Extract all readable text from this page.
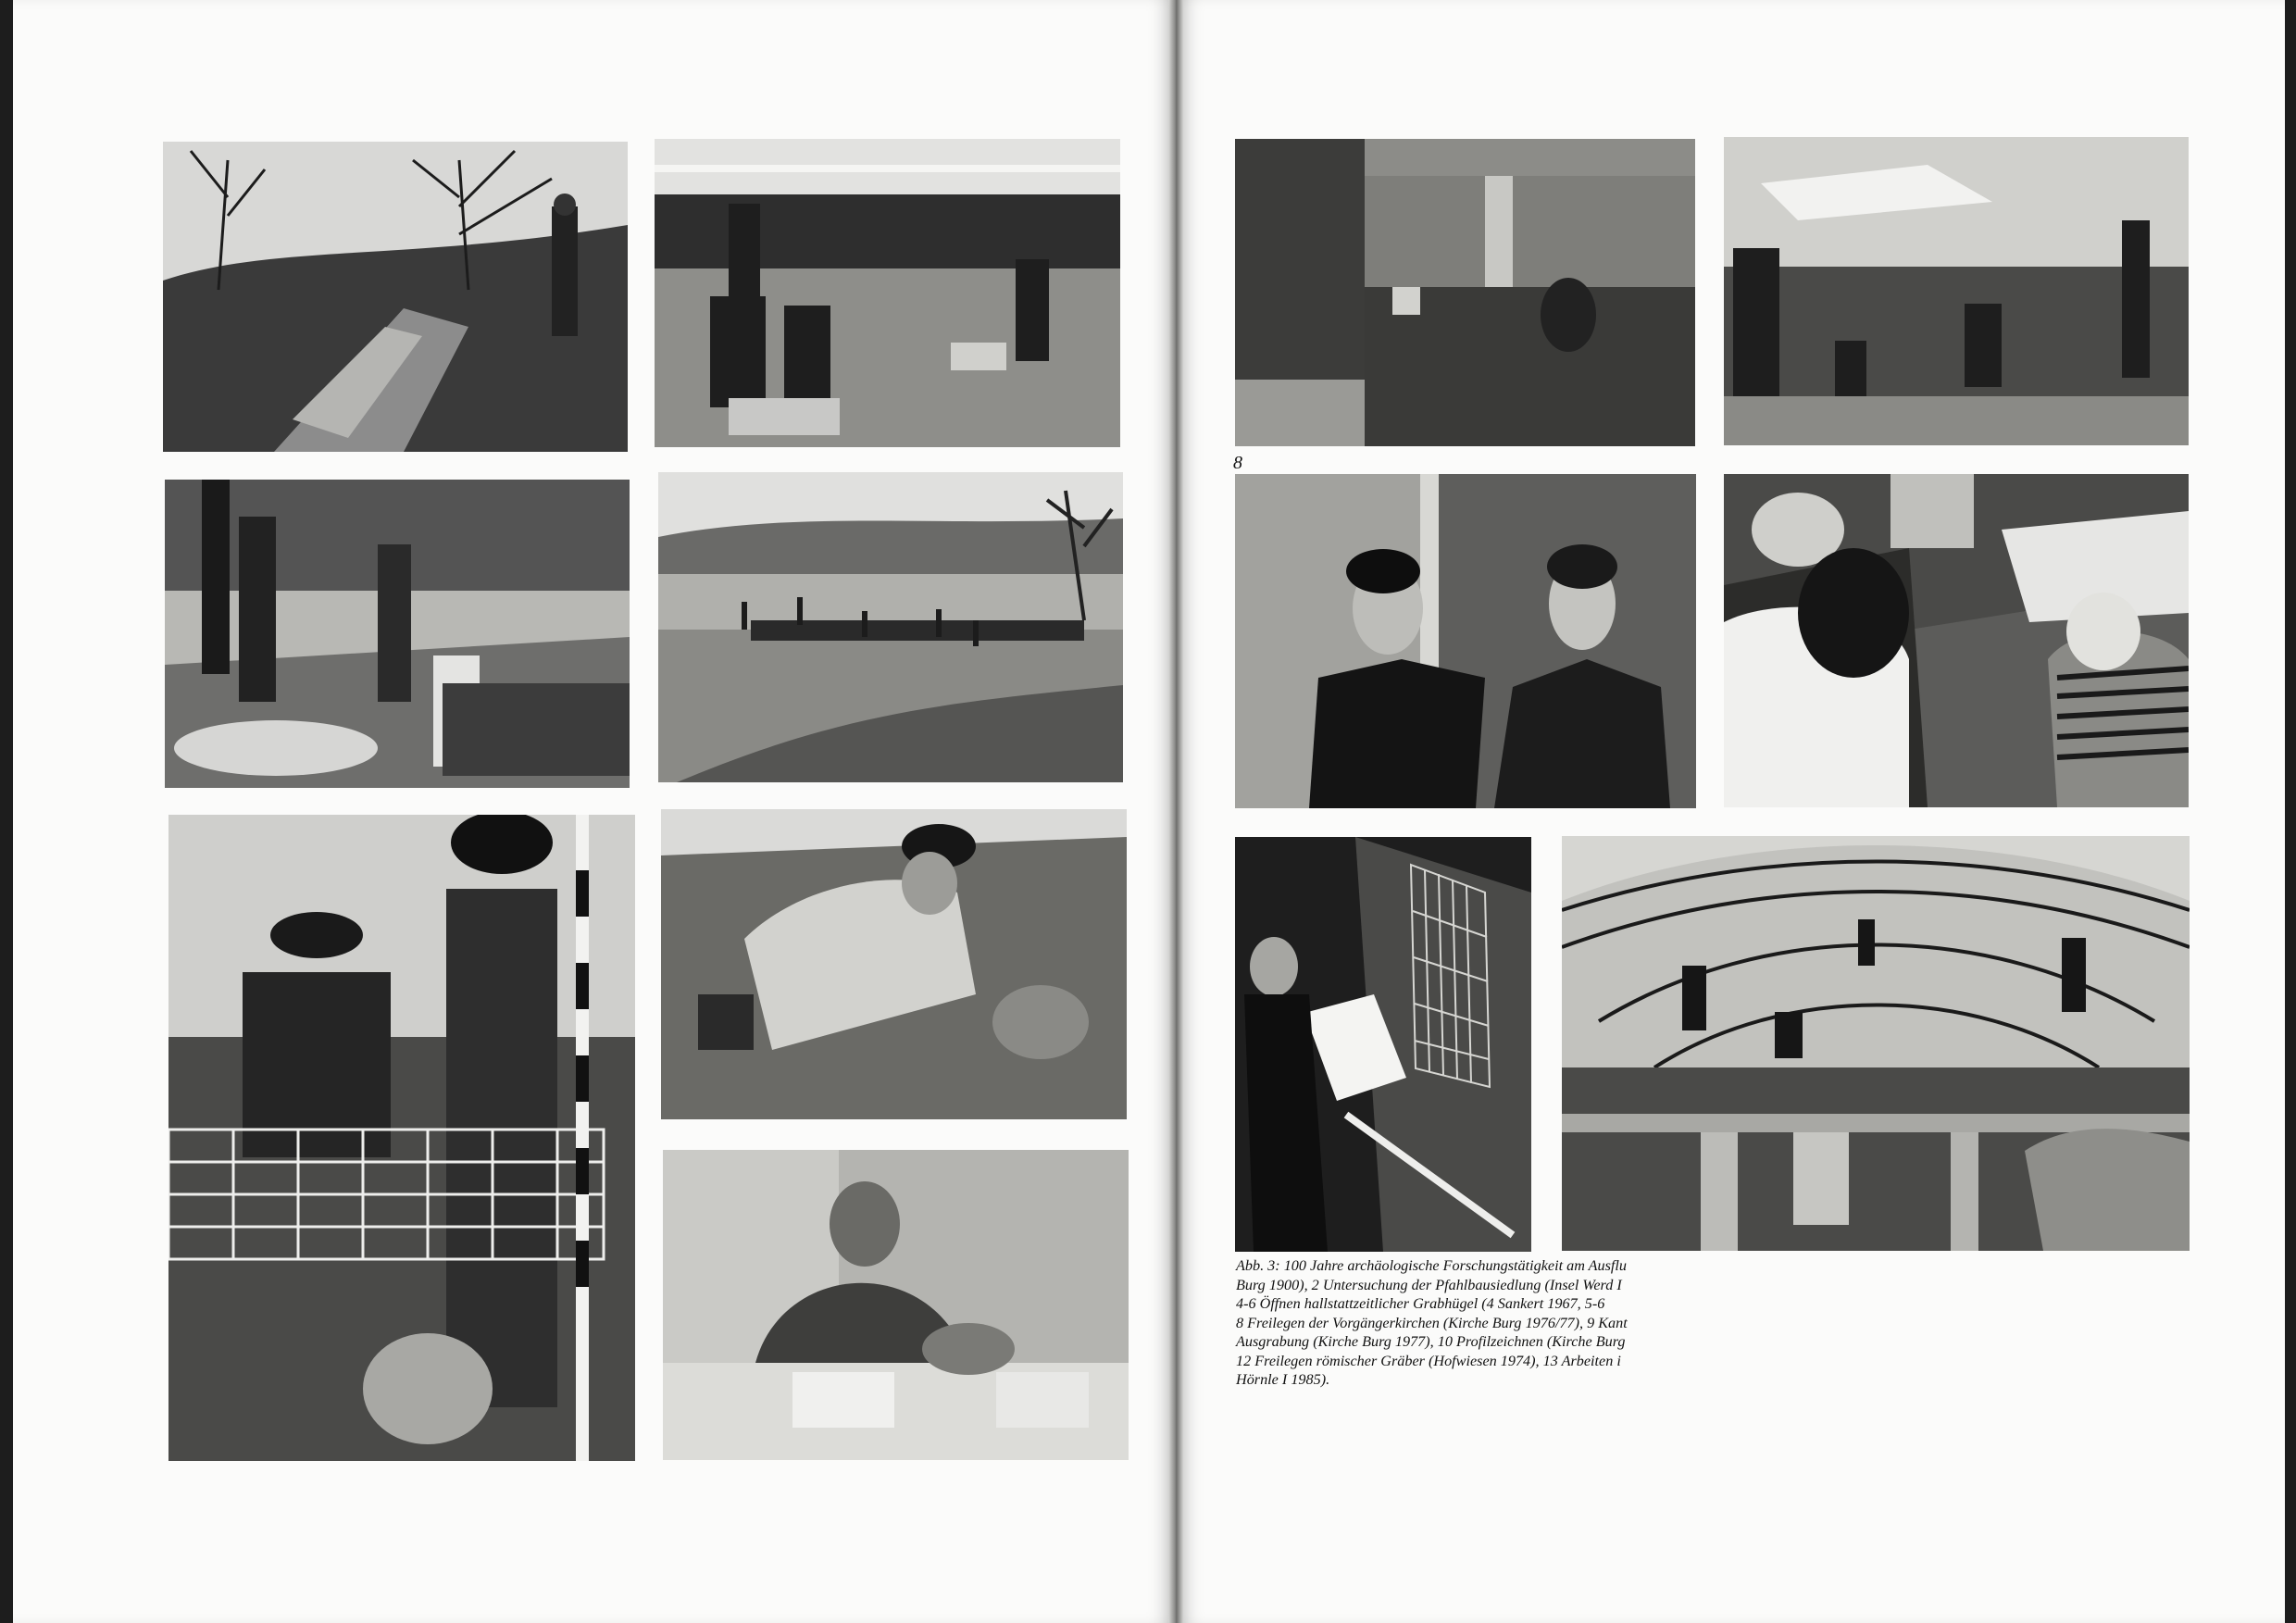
8

Abb. 3: 100 Jahre archäologische Forschungstätigkeit am Ausflu

Burg 1900), 2 Untersuchung der Pfahlbausiedlung (Insel Werd I

4-6 Öffnen hallstattzeitlicher Grabhügel (4 Sankert 1967, 5-6

8 Freilegen der Vorgängerkirchen (Kirche Burg 1976/77), 9 Kant

Ausgrabung (Kirche Burg 1977), 10 Profilzeichnen (Kirche Burg

12 Freilegen römischer Gräber (Hofwiesen 1974), 13 Arbeiten i

Hörnle I 1985).
